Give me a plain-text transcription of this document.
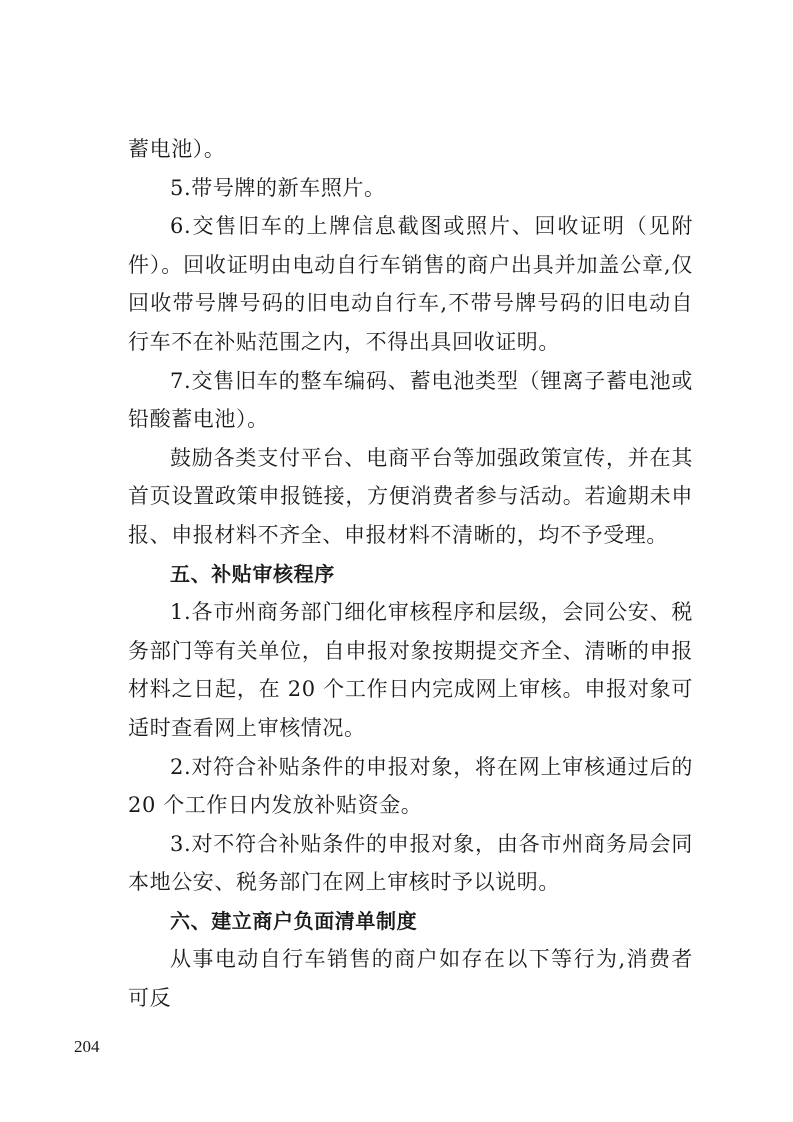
蓄电池）。

5.带号牌的新车照片。

6.交售旧车的上牌信息截图或照片、回收证明（见附件）。回收证明由电动自行车销售的商户出具并加盖公章,仅回收带号牌号码的旧电动自行车,不带号牌号码的旧电动自行车不在补贴范围之内，不得出具回收证明。

7.交售旧车的整车编码、蓄电池类型（锂离子蓄电池或铅酸蓄电池）。

鼓励各类支付平台、电商平台等加强政策宣传，并在其首页设置政策申报链接，方便消费者参与活动。若逾期未申报、申报材料不齐全、申报材料不清晰的，均不予受理。

五、补贴审核程序

1.各市州商务部门细化审核程序和层级，会同公安、税务部门等有关单位，自申报对象按期提交齐全、清晰的申报材料之日起，在 20 个工作日内完成网上审核。申报对象可适时查看网上审核情况。

2.对符合补贴条件的申报对象，将在网上审核通过后的 20 个工作日内发放补贴资金。

3.对不符合补贴条件的申报对象，由各市州商务局会同本地公安、税务部门在网上审核时予以说明。

六、建立商户负面清单制度

从事电动自行车销售的商户如存在以下等行为,消费者可反

204
